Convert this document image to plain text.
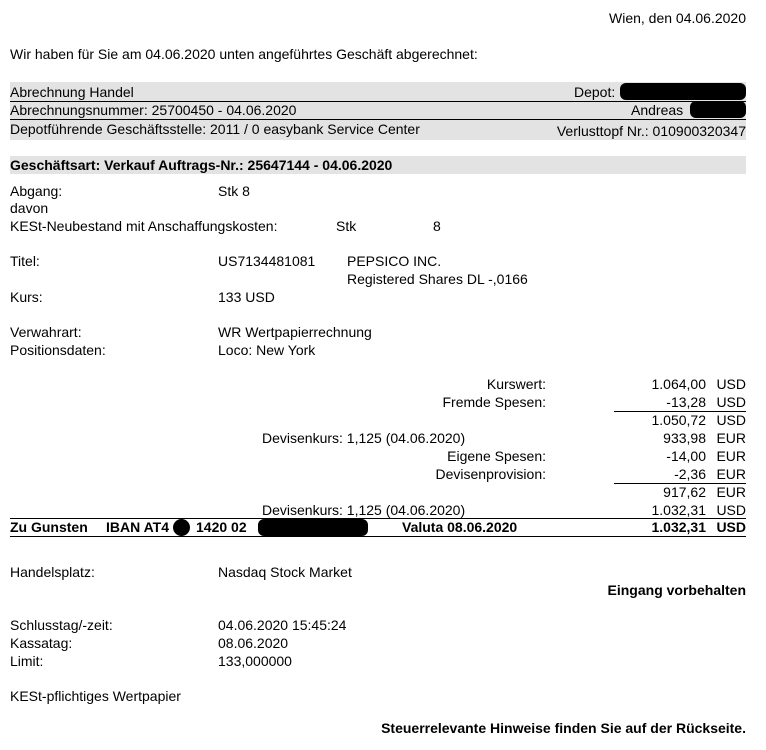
Wien, den 04.06.2020
Wir haben für Sie am 04.06.2020 unten angeführtes Geschäft abgerechnet:
Abrechnung Handel	Depot:
Abrechnungsnummer: 25700450 - 04.06.2020	Andreas
Depotführende Geschäftsstelle: 2011 / 0 easybank Service Center	Verlusttopf Nr.: 010900320347
Geschäftsart: Verkauf Auftrags-Nr.: 25647144 - 04.06.2020
Abgang:	Stk 8
davon
KESt-Neubestand mit Anschaffungskosten:	Stk	8
Titel:	US7134481081 PEPSICO INC.
Registered Shares DL -,0166
Kurs:	133 USD
Verwahrart:	WR Wertpapierrechnung
Positionsdaten:	Loco: New York
Kurswert:	1.064,00 USD
Fremde Spesen:	-13,28 USD
1.050,72 USD
Devisenkurs: 1,125 (04.06.2020)	933,98 EUR
Eigene Spesen:	-14,00 EUR
Devisenprovision:	-2,36 EUR
917,62 EUR
Devisenkurs: 1,125 (04.06.2020)	1.032,31 USD
Zu Gunsten IBAN AT4 1420 02	Valuta 08.06.2020	1.032,31 USD
Handelsplatz:	Nasdaq Stock Market
Eingang vorbehalten
Schlusstag/-zeit:	04.06.2020 15:45:24
Kassatag:	08.06.2020
Limit:	133,000000
KESt-pflichtiges Wertpapier
Steuerrelevante Hinweise finden Sie auf der Rückseite.
